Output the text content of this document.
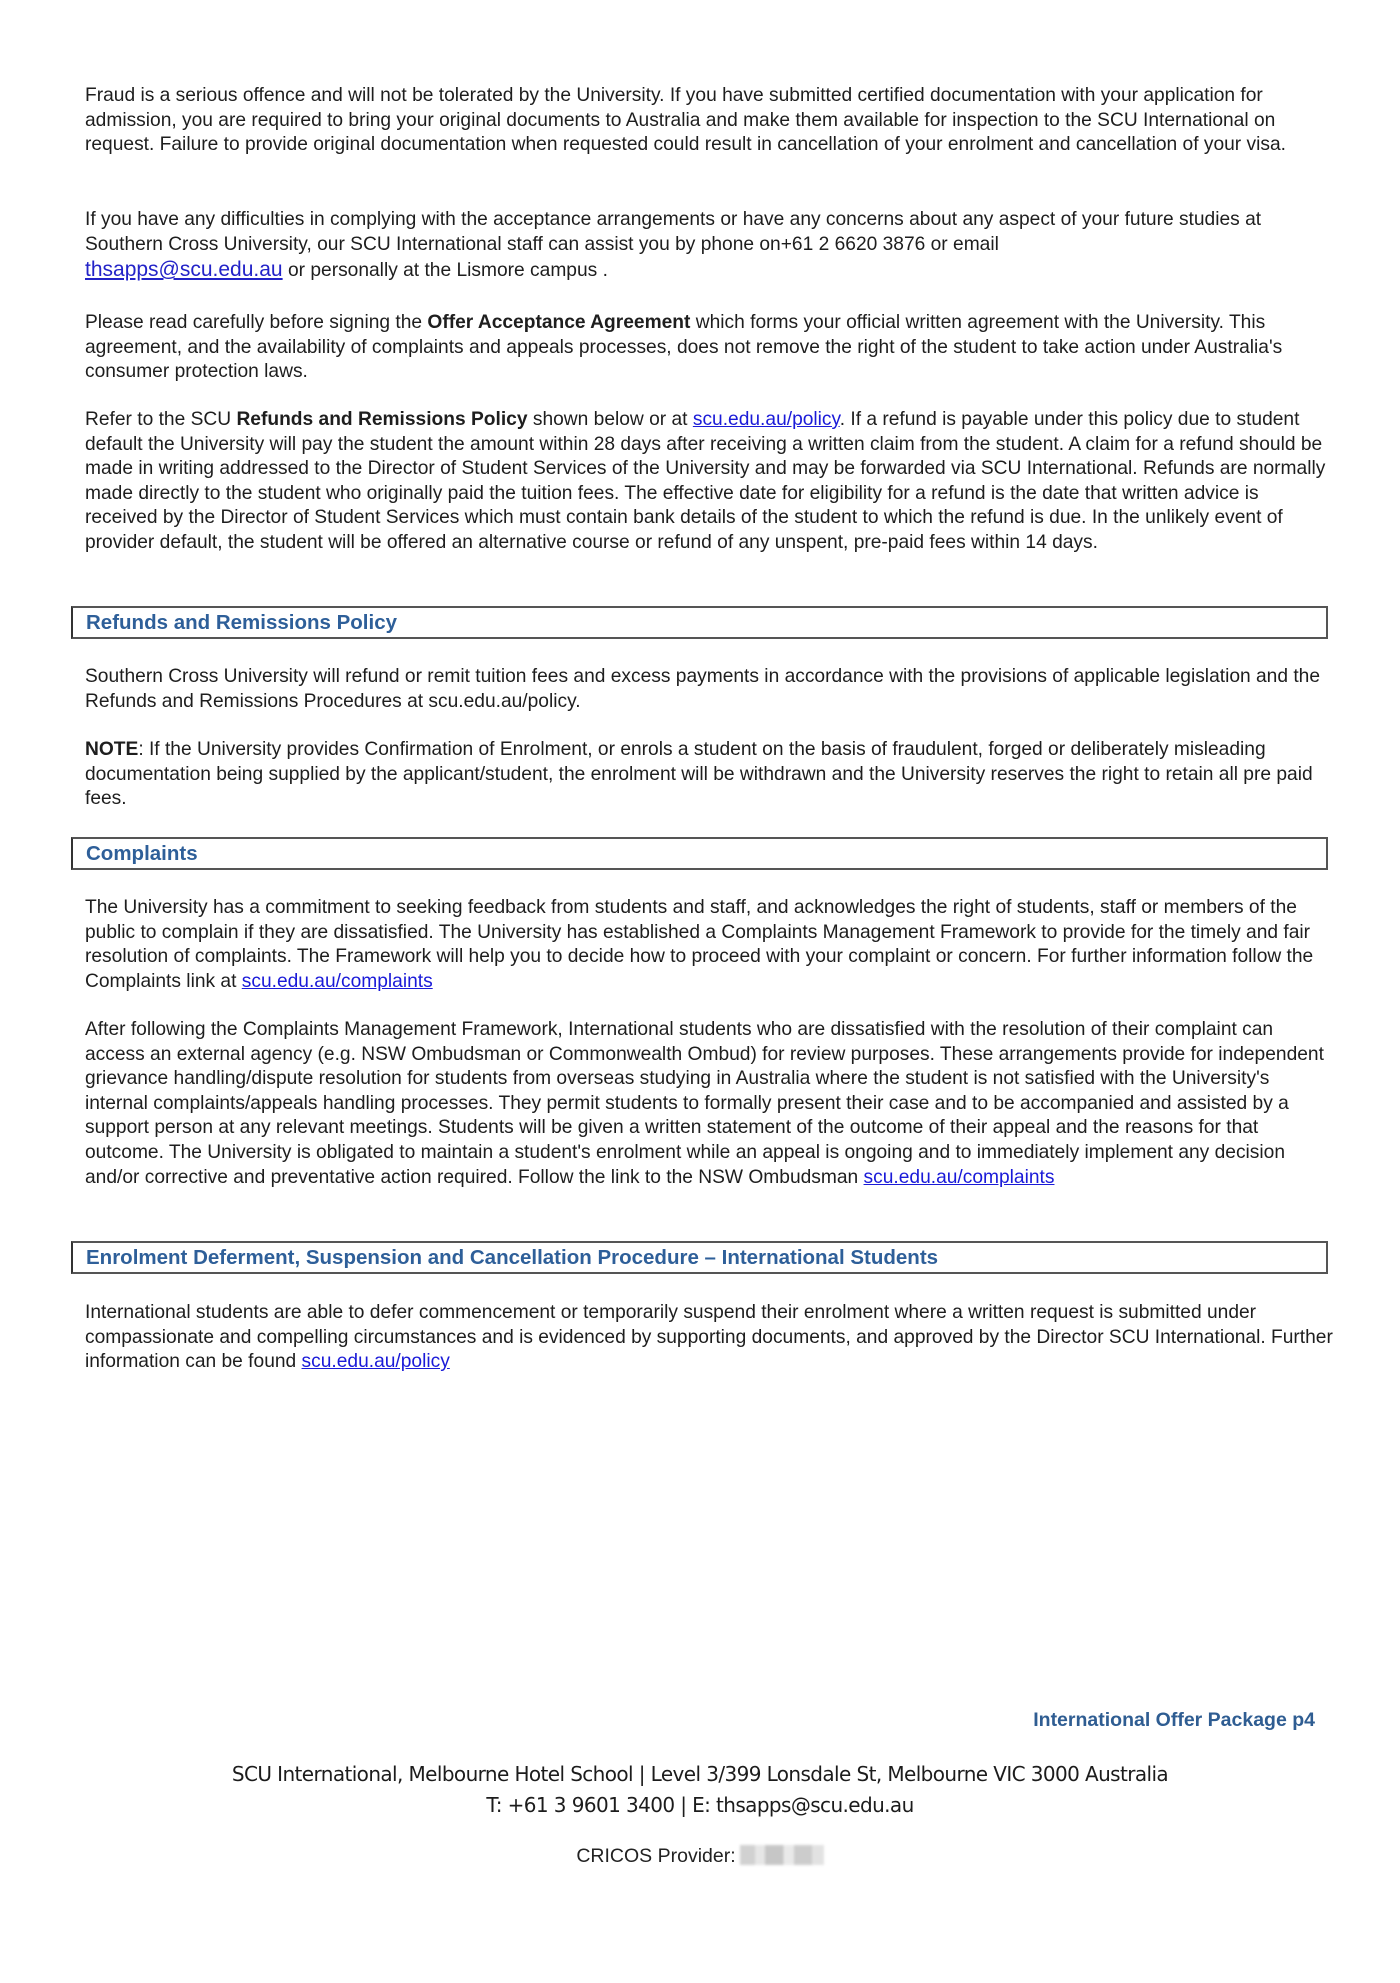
Fraud is a serious offence and will not be tolerated by the University. If you have submitted certified documentation with your application for admission, you are required to bring your original documents to Australia and make them available for inspection to the SCU International on request. Failure to provide original documentation when requested could result in cancellation of your enrolment and cancellation of your visa.

If you have any difficulties in complying with the acceptance arrangements or have any concerns about any aspect of your future studies at Southern Cross University, our SCU International staff can assist you by phone on+61 2 6620 3876 or email
thsapps@scu.edu.au or personally at the Lismore campus .

Please read carefully before signing the Offer Acceptance Agreement which forms your official written agreement with the University. This agreement, and the availability of complaints and appeals processes, does not remove the right of the student to take action under Australia's consumer protection laws.

Refer to the SCU Refunds and Remissions Policy shown below or at scu.edu.au/policy. If a refund is payable under this policy due to student default the University will pay the student the amount within 28 days after receiving a written claim from the student. A claim for a refund should be made in writing addressed to the Director of Student Services of the University and may be forwarded via SCU International. Refunds are normally made directly to the student who originally paid the tuition fees. The effective date for eligibility for a refund is the date that written advice is received by the Director of Student Services which must contain bank details of the student to which the refund is due. In the unlikely event of provider default, the student will be offered an alternative course or refund of any unspent, pre-paid fees within 14 days.

Refunds and Remissions Policy

Southern Cross University will refund or remit tuition fees and excess payments in accordance with the provisions of applicable legislation and the Refunds and Remissions Procedures at scu.edu.au/policy.

NOTE: If the University provides Confirmation of Enrolment, or enrols a student on the basis of fraudulent, forged or deliberately misleading documentation being supplied by the applicant/student, the enrolment will be withdrawn and the University reserves the right to retain all pre paid fees.

Complaints

The University has a commitment to seeking feedback from students and staff, and acknowledges the right of students, staff or members of the public to complain if they are dissatisfied. The University has established a Complaints Management Framework to provide for the timely and fair resolution of complaints. The Framework will help you to decide how to proceed with your complaint or concern. For further information follow the Complaints link at scu.edu.au/complaints

After following the Complaints Management Framework, International students who are dissatisfied with the resolution of their complaint can access an external agency (e.g. NSW Ombudsman or Commonwealth Ombud) for review purposes. These arrangements provide for independent grievance handling/dispute resolution for students from overseas studying in Australia where the student is not satisfied with the University's internal complaints/appeals handling processes. They permit students to formally present their case and to be accompanied and assisted by a support person at any relevant meetings. Students will be given a written statement of the outcome of their appeal and the reasons for that outcome. The University is obligated to maintain a student's enrolment while an appeal is ongoing and to immediately implement any decision and/or corrective and preventative action required. Follow the link to the NSW Ombudsman scu.edu.au/complaints

Enrolment Deferment, Suspension and Cancellation Procedure – International Students

International students are able to defer commencement or temporarily suspend their enrolment where a written request is submitted under compassionate and compelling circumstances and is evidenced by supporting documents, and approved by the Director SCU International. Further information can be found scu.edu.au/policy

International Offer Package p4
SCU International, Melbourne Hotel School | Level 3/399 Lonsdale St, Melbourne VIC 3000 Australia
T: +61 3 9601 3400 | E: thsapps@scu.edu.au
CRICOS Provider:
